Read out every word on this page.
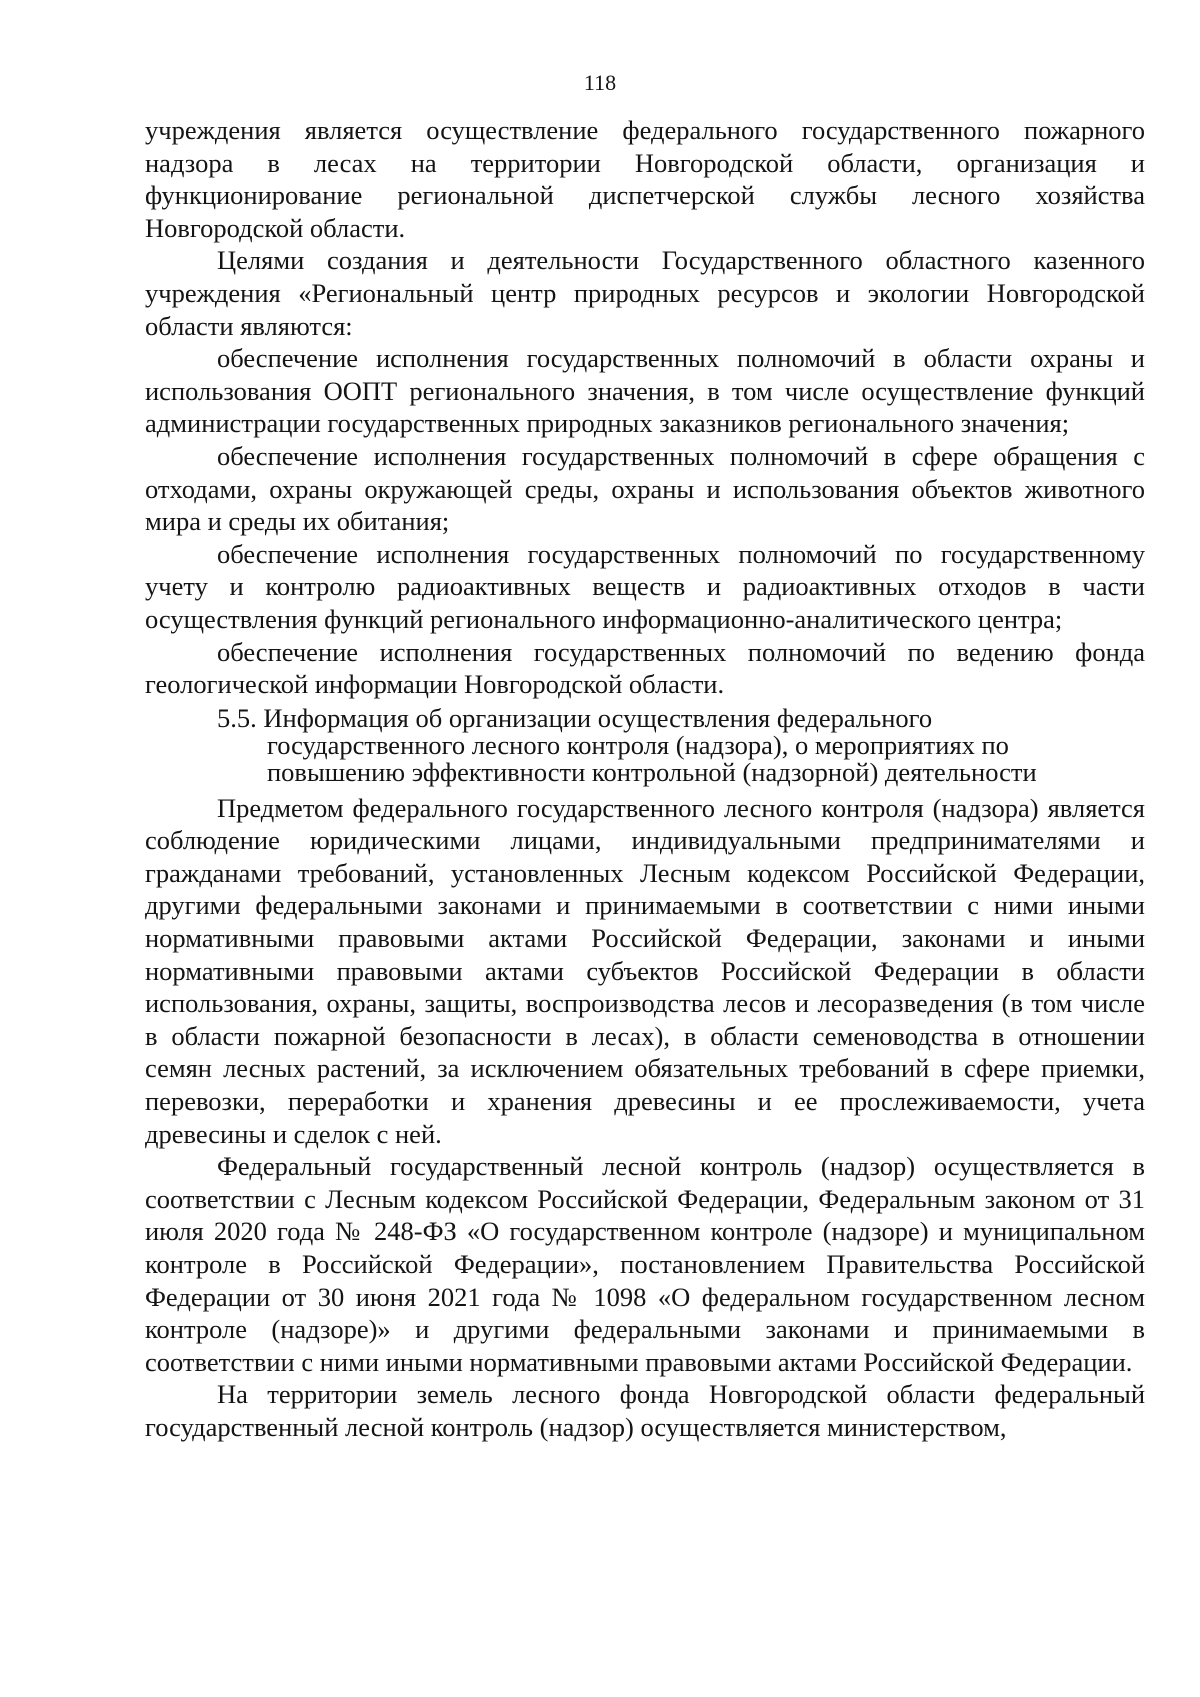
118

учреждения является осуществление федерального государственного пожарного надзора в лесах на территории Новгородской области, организация и функционирование региональной диспетчерской службы лесного хозяйства Новгородской области.

Целями создания и деятельности Государственного областного казенного учреждения «Региональный центр природных ресурсов и экологии Новгородской области являются:

обеспечение исполнения государственных полномочий в области охраны и использования ООПТ регионального значения, в том числе осуществление функций администрации государственных природных заказников регионального значения;

обеспечение исполнения государственных полномочий в сфере обращения с отходами, охраны окружающей среды, охраны и использования объектов животного мира и среды их обитания;

обеспечение исполнения государственных полномочий по государственному учету и контролю радиоактивных веществ и радиоактивных отходов в части осуществления функций регионального информационно-аналитического центра;

обеспечение исполнения государственных полномочий по ведению фонда геологической информации Новгородской области.

5.5. Информация об организации осуществления федерального
государственного лесного контроля (надзора), о мероприятиях по
повышению эффективности контрольной (надзорной) деятельности

Предметом федерального государственного лесного контроля (надзора) является соблюдение юридическими лицами, индивидуальными предпринимателями и гражданами требований, установленных Лесным кодексом Российской Федерации, другими федеральными законами и принимаемыми в соответствии с ними иными нормативными правовыми актами Российской Федерации, законами и иными нормативными правовыми актами субъектов Российской Федерации в области использования, охраны, защиты, воспроизводства лесов и лесоразведения (в том числе в области пожарной безопасности в лесах), в области семеноводства в отношении семян лесных растений, за исключением обязательных требований в сфере приемки, перевозки, переработки и хранения древесины и ее прослеживаемости, учета древесины и сделок с ней.

Федеральный государственный лесной контроль (надзор) осуществляется в соответствии с Лесным кодексом Российской Федерации, Федеральным законом от 31 июля 2020 года № 248-ФЗ «О государственном контроле (надзоре) и муниципальном контроле в Российской Федерации», постановлением Правительства Российской Федерации от 30 июня 2021 года № 1098 «О федеральном государственном лесном контроле (надзоре)» и другими федеральными законами и принимаемыми в соответствии с ними иными нормативными правовыми актами Российской Федерации.

На территории земель лесного фонда Новгородской области федеральный государственный лесной контроль (надзор) осуществляется министерством,
